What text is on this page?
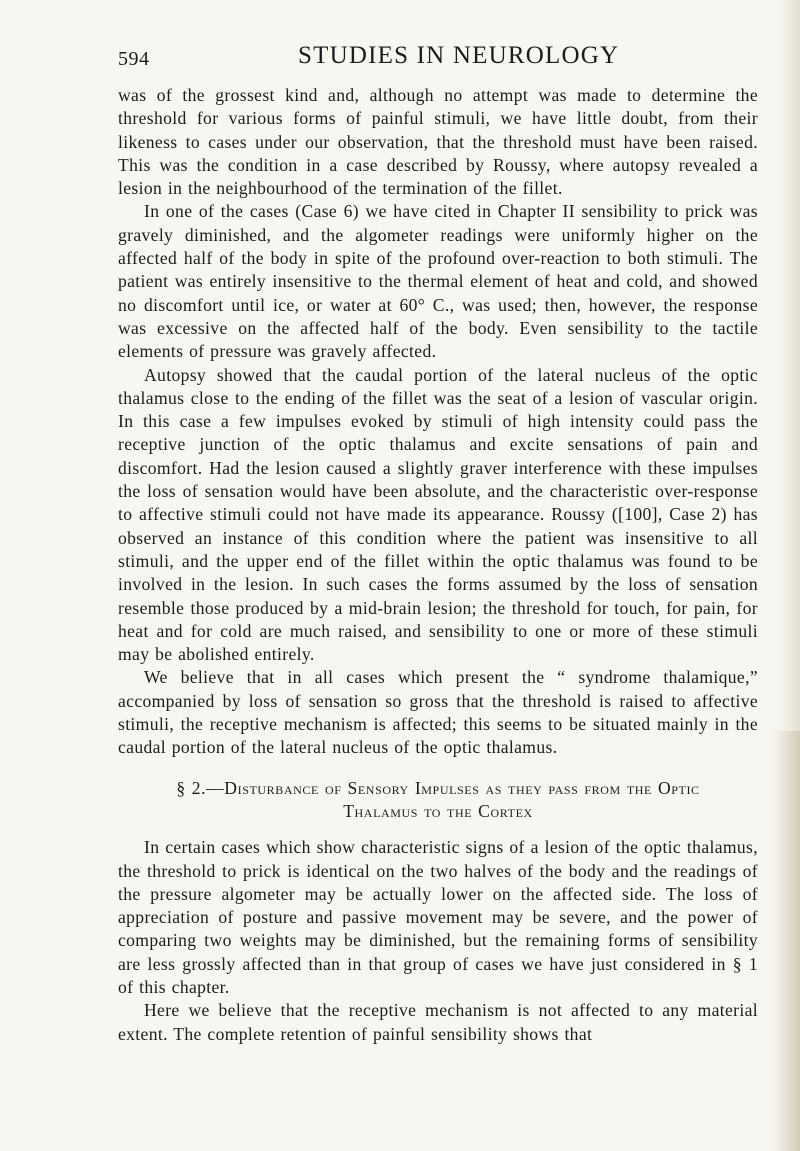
594	STUDIES IN NEUROLOGY

was of the grossest kind and, although no attempt was made to determine the threshold for various forms of painful stimuli, we have little doubt, from their likeness to cases under our observation, that the threshold must have been raised. This was the condition in a case described by Roussy, where autopsy revealed a lesion in the neighbourhood of the termination of the fillet.

In one of the cases (Case 6) we have cited in Chapter II sensibility to prick was gravely diminished, and the algometer readings were uniformly higher on the affected half of the body in spite of the profound over-reaction to both stimuli. The patient was entirely insensitive to the thermal element of heat and cold, and showed no discomfort until ice, or water at 60° C., was used; then, however, the response was excessive on the affected half of the body. Even sensibility to the tactile elements of pressure was gravely affected.

Autopsy showed that the caudal portion of the lateral nucleus of the optic thalamus close to the ending of the fillet was the seat of a lesion of vascular origin. In this case a few impulses evoked by stimuli of high intensity could pass the receptive junction of the optic thalamus and excite sensations of pain and discomfort. Had the lesion caused a slightly graver interference with these impulses the loss of sensation would have been absolute, and the characteristic over-response to affective stimuli could not have made its appearance. Roussy ([100], Case 2) has observed an instance of this condition where the patient was insensitive to all stimuli, and the upper end of the fillet within the optic thalamus was found to be involved in the lesion. In such cases the forms assumed by the loss of sensation resemble those produced by a mid-brain lesion; the threshold for touch, for pain, for heat and for cold are much raised, and sensibility to one or more of these stimuli may be abolished entirely.

We believe that in all cases which present the “ syndrome thalamique,” accompanied by loss of sensation so gross that the threshold is raised to affective stimuli, the receptive mechanism is affected; this seems to be situated mainly in the caudal portion of the lateral nucleus of the optic thalamus.

§ 2.—Disturbance of Sensory Impulses as they pass from the Optic
Thalamus to the Cortex

In certain cases which show characteristic signs of a lesion of the optic thalamus, the threshold to prick is identical on the two halves of the body and the readings of the pressure algometer may be actually lower on the affected side. The loss of appreciation of posture and passive movement may be severe, and the power of comparing two weights may be diminished, but the remaining forms of sensibility are less grossly affected than in that group of cases we have just considered in § 1 of this chapter.

Here we believe that the receptive mechanism is not affected to any material extent. The complete retention of painful sensibility shows that
